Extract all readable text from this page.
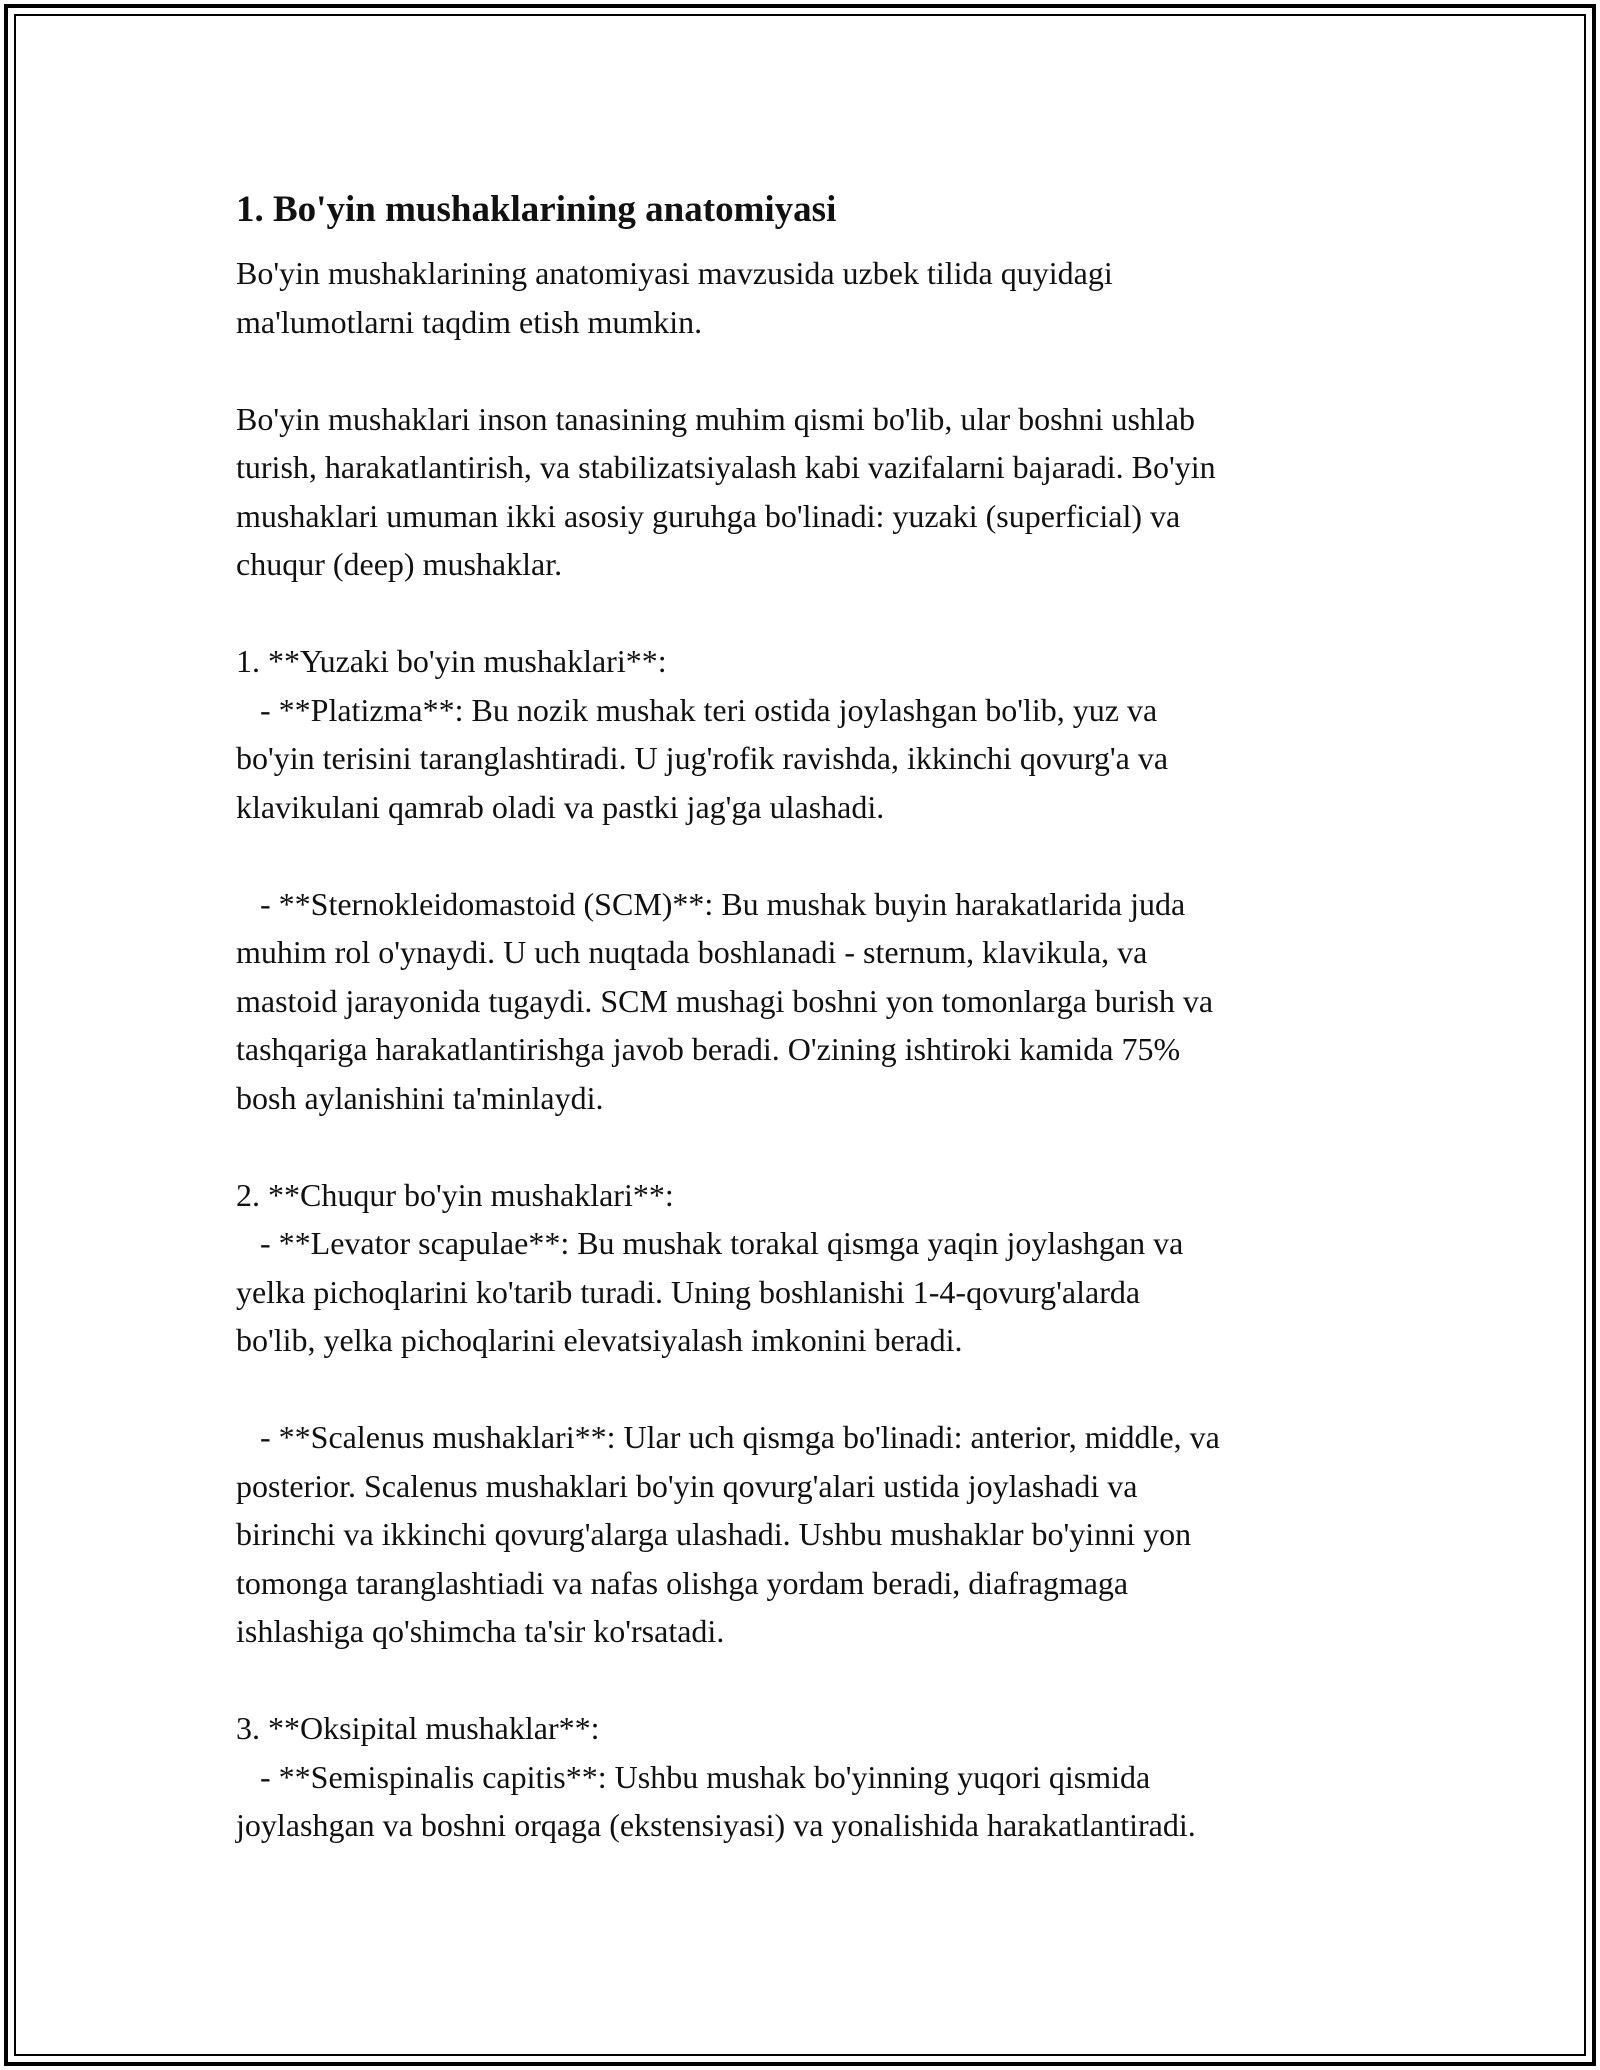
1. Bo'yin mushaklarining anatomiyasi

Bo'yin mushaklarining anatomiyasi mavzusida uzbek tilida quyidagi
ma'lumotlarni taqdim etish mumkin.

Bo'yin mushaklari inson tanasining muhim qismi bo'lib, ular boshni ushlab
turish, harakatlantirish, va stabilizatsiyalash kabi vazifalarni bajaradi. Bo'yin
mushaklari umuman ikki asosiy guruhga bo'linadi: yuzaki (superficial) va
chuqur (deep) mushaklar.

1. **Yuzaki bo'yin mushaklari**:
- **Platizma**: Bu nozik mushak teri ostida joylashgan bo'lib, yuz va
bo'yin terisini taranglashtiradi. U jug'rofik ravishda, ikkinchi qovurg'a va
klavikulani qamrab oladi va pastki jag'ga ulashadi.

- **Sternokleidomastoid (SCM)**: Bu mushak buyin harakatlarida juda
muhim rol o'ynaydi. U uch nuqtada boshlanadi - sternum, klavikula, va
mastoid jarayonida tugaydi. SCM mushagi boshni yon tomonlarga burish va
tashqariga harakatlantirishga javob beradi. O'zining ishtiroki kamida 75%
bosh aylanishini ta'minlaydi.

2. **Chuqur bo'yin mushaklari**:
- **Levator scapulae**: Bu mushak torakal qismga yaqin joylashgan va
yelka pichoqlarini ko'tarib turadi. Uning boshlanishi 1-4-qovurg'alarda
bo'lib, yelka pichoqlarini elevatsiyalash imkonini beradi.

- **Scalenus mushaklari**: Ular uch qismga bo'linadi: anterior, middle, va
posterior. Scalenus mushaklari bo'yin qovurg'alari ustida joylashadi va
birinchi va ikkinchi qovurg'alarga ulashadi. Ushbu mushaklar bo'yinni yon
tomonga taranglashtiadi va nafas olishga yordam beradi, diafragmaga
ishlashiga qo'shimcha ta'sir ko'rsatadi.

3. **Oksipital mushaklar**:
- **Semispinalis capitis**: Ushbu mushak bo'yinning yuqori qismida
joylashgan va boshni orqaga (ekstensiyasi) va yonalishida harakatlantiradi.
